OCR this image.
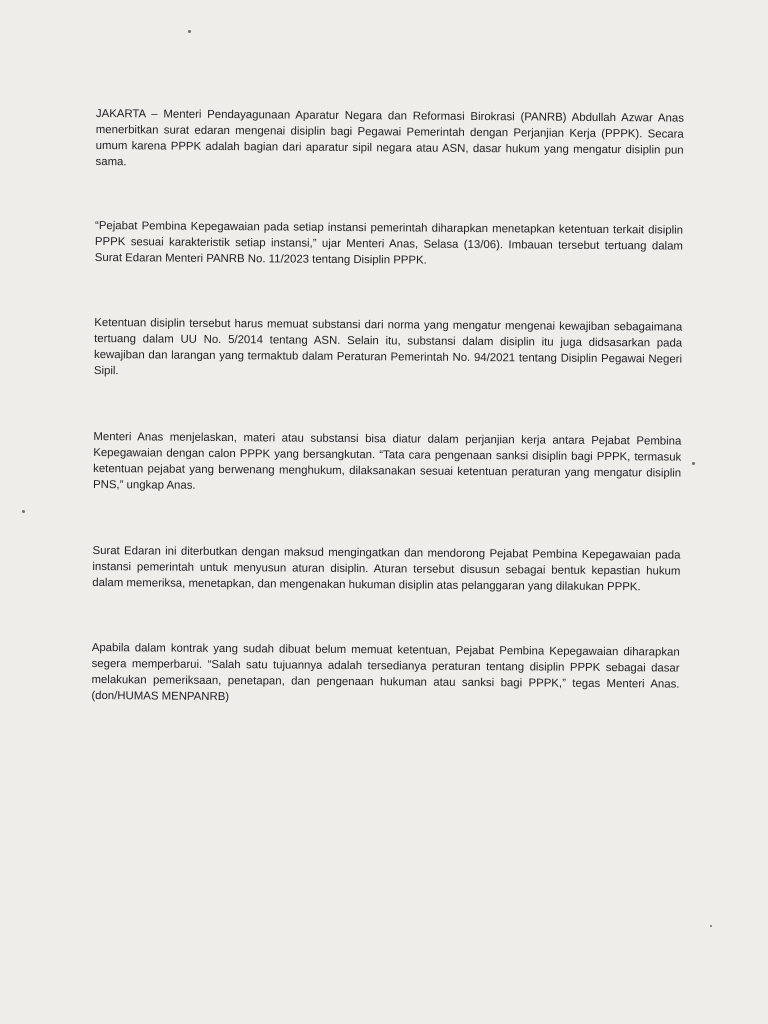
JAKARTA – Menteri Pendayagunaan Aparatur Negara dan Reformasi Birokrasi (PANRB) Abdullah Azwar Anas menerbitkan surat edaran mengenai disiplin bagi Pegawai Pemerintah dengan Perjanjian Kerja (PPPK). Secara umum karena PPPK adalah bagian dari aparatur sipil negara atau ASN, dasar hukum yang mengatur disiplin pun sama.

“Pejabat Pembina Kepegawaian pada setiap instansi pemerintah diharapkan menetapkan ketentuan terkait disiplin PPPK sesuai karakteristik setiap instansi,” ujar Menteri Anas, Selasa (13/06). Imbauan tersebut tertuang dalam Surat Edaran Menteri PANRB No. 11/2023 tentang Disiplin PPPK.

Ketentuan disiplin tersebut harus memuat substansi dari norma yang mengatur mengenai kewajiban sebagaimana tertuang dalam UU No. 5/2014 tentang ASN. Selain itu, substansi dalam disiplin itu juga didsasarkan pada kewajiban dan larangan yang termaktub dalam Peraturan Pemerintah No. 94/2021 tentang Disiplin Pegawai Negeri Sipil.

Menteri Anas menjelaskan, materi atau substansi bisa diatur dalam perjanjian kerja antara Pejabat Pembina Kepegawaian dengan calon PPPK yang bersangkutan. “Tata cara pengenaan sanksi disiplin bagi PPPK, termasuk ketentuan pejabat yang berwenang menghukum, dilaksanakan sesuai ketentuan peraturan yang mengatur disiplin PNS,” ungkap Anas.

Surat Edaran ini diterbutkan dengan maksud mengingatkan dan mendorong Pejabat Pembina Kepegawaian pada instansi pemerintah untuk menyusun aturan disiplin. Aturan tersebut disusun sebagai bentuk kepastian hukum dalam memeriksa, menetapkan, dan mengenakan hukuman disiplin atas pelanggaran yang dilakukan PPPK.

Apabila dalam kontrak yang sudah dibuat belum memuat ketentuan, Pejabat Pembina Kepegawaian diharapkan segera memperbarui. “Salah satu tujuannya adalah tersedianya peraturan tentang disiplin PPPK sebagai dasar melakukan pemeriksaan, penetapan, dan pengenaan hukuman atau sanksi bagi PPPK,” tegas Menteri Anas. (don/HUMAS MENPANRB)
